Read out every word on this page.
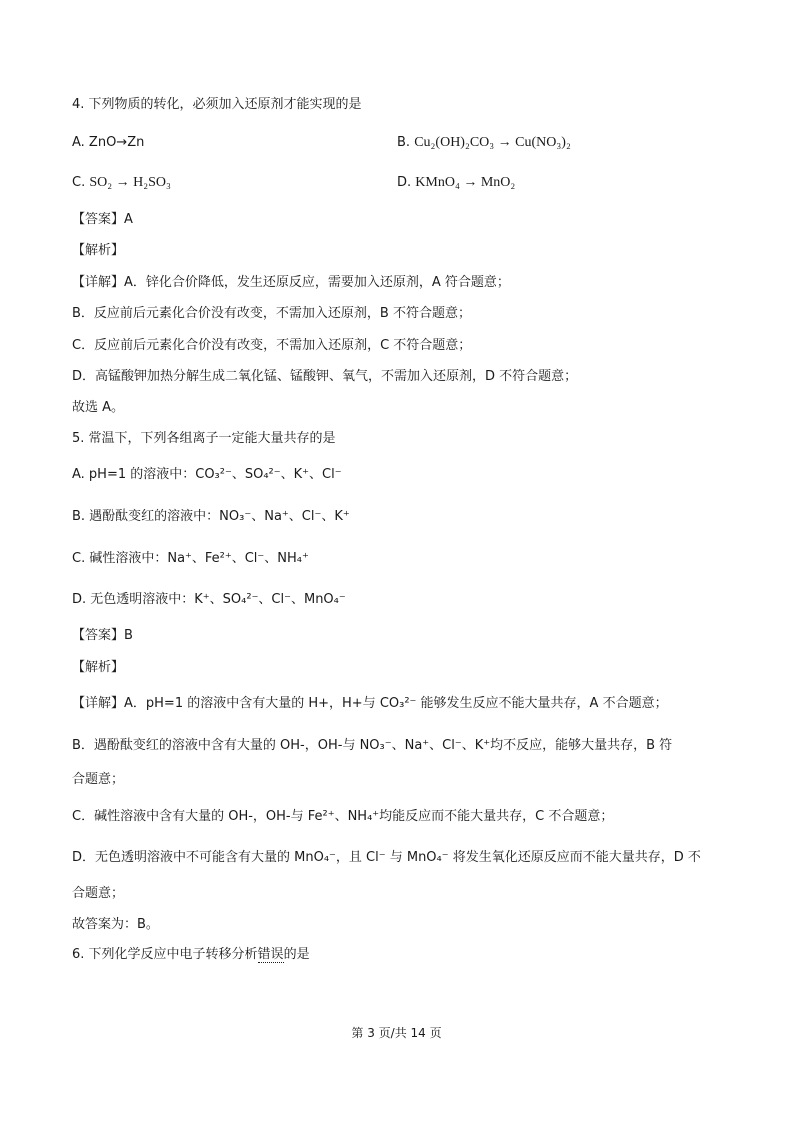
4. 下列物质的转化，必须加入还原剂才能实现的是
A. ZnO→Zn	B. Cu₂(OH)₂CO₃ → Cu(NO₃)₂
C. SO₂ → H₂SO₃	D. KMnO₄ → MnO₂
【答案】A
【解析】
【详解】A．锌化合价降低，发生还原反应，需要加入还原剂，A 符合题意；
B．反应前后元素化合价没有改变，不需加入还原剂，B 不符合题意；
C．反应前后元素化合价没有改变，不需加入还原剂，C 不符合题意；
D．高锰酸钾加热分解生成二氧化锰、锰酸钾、氧气，不需加入还原剂，D 不符合题意；
故选 A。
5. 常温下，下列各组离子一定能大量共存的是
A. pH=1 的溶液中：CO₃²⁻、SO₄²⁻、K⁺、Cl⁻
B. 遇酚酞变红的溶液中：NO₃⁻、Na⁺、Cl⁻、K⁺
C. 碱性溶液中：Na⁺、Fe²⁺、Cl⁻、NH₄⁺
D. 无色透明溶液中：K⁺、SO₄²⁻、Cl⁻、MnO₄⁻
【答案】B
【解析】
【详解】A．pH=1 的溶液中含有大量的 H+，H+与 CO₃²⁻ 能够发生反应不能大量共存，A 不合题意；
B．遇酚酞变红的溶液中含有大量的 OH-，OH-与 NO₃⁻、Na⁺、Cl⁻、K⁺均不反应，能够大量共存，B 符
合题意；
C．碱性溶液中含有大量的 OH-，OH-与 Fe²⁺、NH₄⁺均能反应而不能大量共存，C 不合题意；
D．无色透明溶液中不可能含有大量的 MnO₄⁻，且 Cl⁻ 与 MnO₄⁻ 将发生氧化还原反应而不能大量共存，D 不
合题意；
故答案为：B。
6. 下列化学反应中电子转移分析错误的是
第 3 页/共 14 页
